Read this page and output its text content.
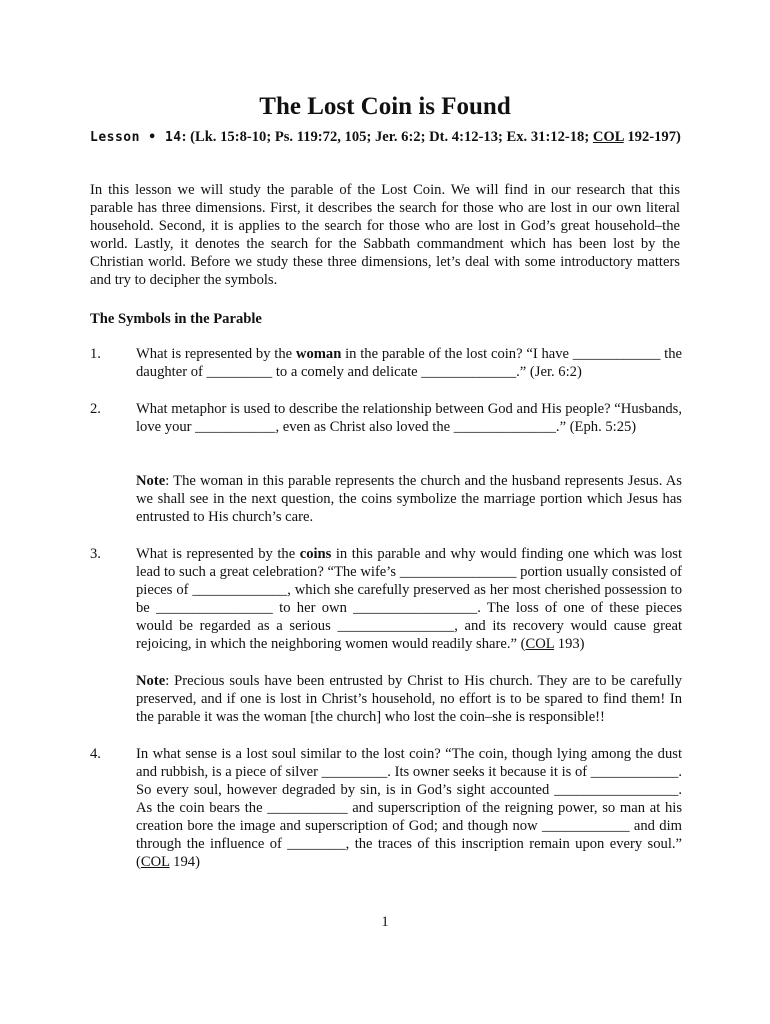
The Lost Coin is Found
Lesson • 14: (Lk. 15:8-10; Ps. 119:72, 105; Jer. 6:2; Dt. 4:12-13; Ex. 31:12-18; COL 192-197)
In this lesson we will study the parable of the Lost Coin. We will find in our research that this parable has three dimensions. First, it describes the search for those who are lost in our own literal household. Second, it is applies to the search for those who are lost in God’s great household–the world. Lastly, it denotes the search for the Sabbath commandment which has been lost by the Christian world. Before we study these three dimensions, let’s deal with some introductory matters and try to decipher the symbols.
The Symbols in the Parable
1. What is represented by the woman in the parable of the lost coin? “I have ____________ the daughter of _________ to a comely and delicate _____________.” (Jer. 6:2)
2. What metaphor is used to describe the relationship between God and His people? “Husbands, love your ___________, even as Christ also loved the ______________.” (Eph. 5:25)
Note: The woman in this parable represents the church and the husband represents Jesus. As we shall see in the next question, the coins symbolize the marriage portion which Jesus has entrusted to His church’s care.
3. What is represented by the coins in this parable and why would finding one which was lost lead to such a great celebration? “The wife’s ________________ portion usually consisted of pieces of _____________, which she carefully preserved as her most cherished possession to be ________________ to her own _________________. The loss of one of these pieces would be regarded as a serious ________________, and its recovery would cause great rejoicing, in which the neighboring women would readily share.” (COL 193)
Note: Precious souls have been entrusted by Christ to His church. They are to be carefully preserved, and if one is lost in Christ’s household, no effort is to be spared to find them! In the parable it was the woman [the church] who lost the coin–she is responsible!!
4. In what sense is a lost soul similar to the lost coin? “The coin, though lying among the dust and rubbish, is a piece of silver _________. Its owner seeks it because it is of ____________. So every soul, however degraded by sin, is in God’s sight accounted _________________. As the coin bears the ___________ and superscription of the reigning power, so man at his creation bore the image and superscription of God; and though now ____________ and dim through the influence of ________, the traces of this inscription remain upon every soul.” (COL 194)
1
